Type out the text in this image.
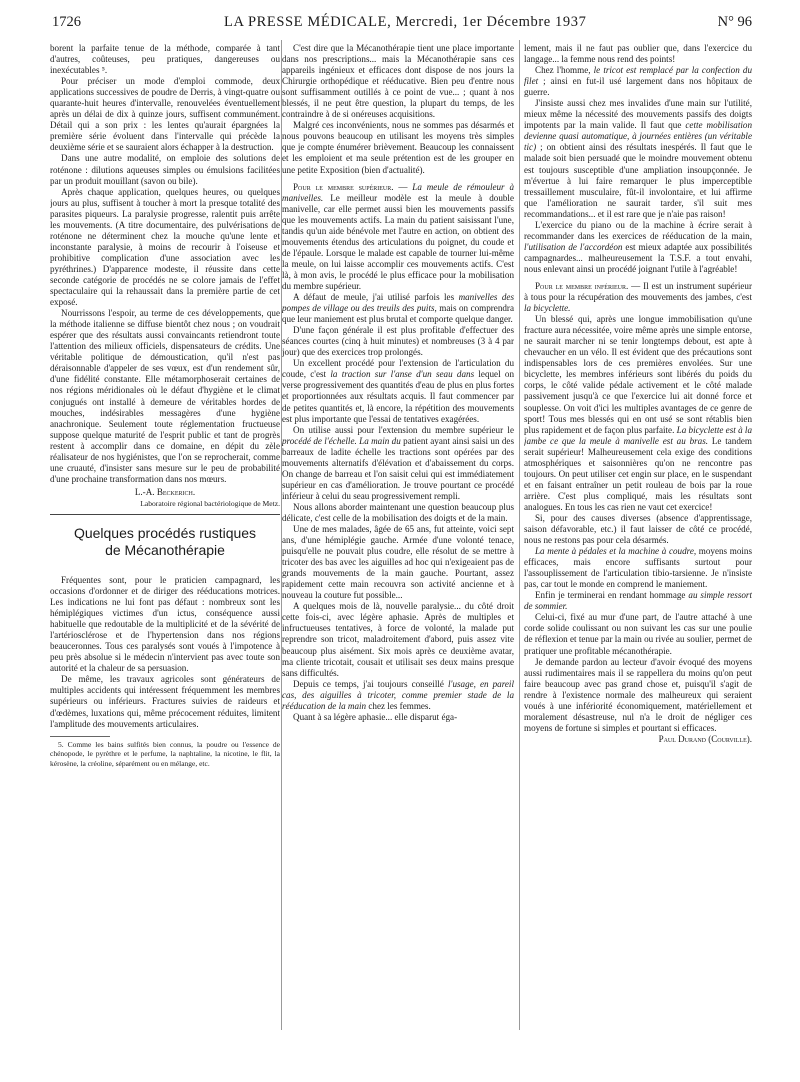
1726	LA PRESSE MÉDICALE, Mercredi, 1er Décembre 1937	N° 96

borent la parfaite tenue de la méthode, comparée à tant d'autres, coûteuses, peu pratiques, dangereuses ou inexécutables ⁵.

Pour préciser un mode d'emploi commode, deux applications successives de poudre de Derris, à vingt-quatre ou quarante-huit heures d'intervalle, renouvelées éventuellement après un délai de dix à quinze jours, suffisent communément. Détail qui a son prix : les lentes qu'aurait épargnées la première série évoluent dans l'intervalle qui précède la deuxième série et se sauraient alors échapper à la destruction.

Dans une autre modalité, on emploie des solutions de roténone : dilutions aqueuses simples ou émulsions facilitées par un produit mouillant (savon ou bile).

Après chaque application, quelques heures, ou quelques jours au plus, suffisent à toucher à mort la presque totalité des parasites piqueurs. La paralysie progresse, ralentit puis arrête les mouvements. (A titre documentaire, des pulvérisations de roténone ne déterminent chez la mouche qu'une lente et inconstante paralysie, à moins de recourir à l'oiseuse et prohibitive complication d'une association avec les pyréthrines.) D'apparence modeste, il réussite dans cette seconde catégorie de procédés ne se colore jamais de l'effet spectaculaire qui la rehaussait dans la première partie de cet exposé.

Nourrissons l'espoir, au terme de ces développements, que la méthode italienne se diffuse bientôt chez nous ; on voudrait espérer que des résultats aussi convaincants retiendront toute l'attention des milieux officiels, dispensateurs de crédits. Une véritable politique de démoustication, qu'il n'est pas déraisonnable d'appeler de ses vœux, est d'un rendement sûr, d'une fidélité constante. Elle métamorphoserait certaines de nos régions méridionales où le défaut d'hygiène et le climat conjugués ont installé à demeure de véritables hordes de mouches, indésirables messagères d'une hygiène anachronique. Seulement toute réglementation fructueuse suppose quelque maturité de l'esprit public et tant de progrès restent à accomplir dans ce domaine, en dépit du zèle réalisateur de nos hygiénistes, que l'on se reprocherait, comme une cruauté, d'insister sans mesure sur le peu de probabilité d'une prochaine transformation dans nos mœurs.

L.-A. Beckerich.

Laboratoire régional bactériologique de Metz.

Quelques procédés rustiques
de Mécanothérapie

Fréquentes sont, pour le praticien campagnard, les occasions d'ordonner et de diriger des rééducations motrices. Les indications ne lui font pas défaut : nombreux sont les hémiplégiques victimes d'un ictus, conséquence aussi habituelle que redoutable de la multiplicité et de la sévérité de l'artériosclérose et de l'hypertension dans nos régions beauceronnes. Tous ces paralysés sont voués à l'impotence à peu près absolue si le médecin n'intervient pas avec toute son autorité et la chaleur de sa persuasion.

De même, les travaux agricoles sont générateurs de multiples accidents qui intéressent fréquemment les membres supérieurs ou inférieurs. Fractures suivies de raideurs et d'œdèmes, luxations qui, même précocement réduites, limitent l'amplitude des mouvements articulaires.

5. Comme les bains sulfités bien connus, la poudre ou l'essence de chénopode, le pyrèthre et le perfume, la naphtaline, la nicotine, le flit, la kérosène, la créoline, séparément ou en mélange, etc.

C'est dire que la Mécanothérapie tient une place importante dans nos prescriptions... mais la Mécanothérapie sans ces appareils ingénieux et efficaces dont dispose de nos jours la Chirurgie orthopédique et rééducative. Bien peu d'entre nous sont suffisamment outillés à ce point de vue... ; quant à nos blessés, il ne peut être question, la plupart du temps, de les contraindre à de si onéreuses acquisitions.

Malgré ces inconvénients, nous ne sommes pas désarmés et nous pouvons beaucoup en utilisant les moyens très simples que je compte énumérer brièvement. Beaucoup les connaissent et les emploient et ma seule prétention est de les grouper en une petite Exposition (bien d'actualité).

Pour le membre supérieur. — La meule de rémouleur à manivelles. Le meilleur modèle est la meule à double manivelle, car elle permet aussi bien les mouvements passifs que les mouvements actifs. La main du patient saisissant l'une, tandis qu'un aide bénévole met l'autre en action, on obtient des mouvements étendus des articulations du poignet, du coude et de l'épaule. Lorsque le malade est capable de tourner lui-même la meule, on lui laisse accomplir ces mouvements actifs. C'est là, à mon avis, le procédé le plus efficace pour la mobilisation du membre supérieur.

A défaut de meule, j'ai utilisé parfois les manivelles des pompes de village ou des treuils des puits, mais on comprendra que leur maniement est plus brutal et comporte quelque danger.

D'une façon générale il est plus profitable d'effectuer des séances courtes (cinq à huit minutes) et nombreuses (3 à 4 par jour) que des exercices trop prolongés.

Un excellent procédé pour l'extension de l'articulation du coude, c'est la traction sur l'anse d'un seau dans lequel on verse progressivement des quantités d'eau de plus en plus fortes et proportionnées aux résultats acquis. Il faut commencer par de petites quantités et, là encore, la répétition des mouvements est plus importante que l'essai de tentatives exagérées.

On utilise aussi pour l'extension du membre supérieur le procédé de l'échelle. La main du patient ayant ainsi saisi un des barreaux de ladite échelle les tractions sont opérées par des mouvements alternatifs d'élévation et d'abaissement du corps. On change de barreau et l'on saisit celui qui est immédiatement supérieur en cas d'amélioration. Je trouve pourtant ce procédé inférieur à celui du seau progressivement rempli.

Nous allons aborder maintenant une question beaucoup plus délicate, c'est celle de la mobilisation des doigts et de la main.

Une de mes malades, âgée de 65 ans, fut atteinte, voici sept ans, d'une hémiplégie gauche. Armée d'une volonté tenace, puisqu'elle ne pouvait plus coudre, elle résolut de se mettre à tricoter des bas avec les aiguilles ad hoc qui n'exigeaient pas de grands mouvements de la main gauche. Pourtant, assez rapidement cette main recouvra son activité ancienne et à nouveau la couture fut possible...

A quelques mois de là, nouvelle paralysie... du côté droit cette fois-ci, avec légère aphasie. Après de multiples et infructueuses tentatives, à force de volonté, la malade put reprendre son tricot, maladroitement d'abord, puis assez vite beaucoup plus aisément. Six mois après ce deuxième avatar, ma cliente tricotait, cousait et utilisait ses deux mains presque sans difficultés.

Depuis ce temps, j'ai toujours conseillé l'usage, en pareil cas, des aiguilles à tricoter, comme premier stade de la rééducation de la main chez les femmes.

Quant à sa légère aphasie... elle disparut éga-

lement, mais il ne faut pas oublier que, dans l'exercice du langage... la femme nous rend des points!

Chez l'homme, le tricot est remplacé par la confection du filet ; ainsi en fut-il usé largement dans nos hôpitaux de guerre.

J'insiste aussi chez mes invalides d'une main sur l'utilité, mieux même la nécessité des mouvements passifs des doigts impotents par la main valide. Il faut que cette mobilisation devienne quasi automatique, à journées entières (un véritable tic) ; on obtient ainsi des résultats inespérés. Il faut que le malade soit bien persuadé que le moindre mouvement obtenu est toujours susceptible d'une ampliation insoupçonnée. Je m'évertue à lui faire remarquer le plus imperceptible tressaillement musculaire, fût-il involontaire, et lui affirme que l'amélioration ne saurait tarder, s'il suit mes recommandations... et il est rare que je n'aie pas raison!

L'exercice du piano ou de la machine à écrire serait à recommander dans les exercices de rééducation de la main, l'utilisation de l'accordéon est mieux adaptée aux possibilités campagnardes... malheureusement la T.S.F. a tout envahi, nous enlevant ainsi un procédé joignant l'utile à l'agréable!

Pour le membre inférieur. — Il est un instrument supérieur à tous pour la récupération des mouvements des jambes, c'est la bicyclette.

Un blessé qui, après une longue immobilisation qu'une fracture aura nécessitée, voire même après une simple entorse, ne saurait marcher ni se tenir longtemps debout, est apte à chevaucher en un vélo. Il est évident que des précautions sont indispensables lors de ces premières envolées. Sur une bicyclette, les membres inférieurs sont libérés du poids du corps, le côté valide pédale activement et le côté malade passivement jusqu'à ce que l'exercice lui ait donné force et souplesse. On voit d'ici les multiples avantages de ce genre de sport! Tous mes blessés qui en ont usé se sont rétablis bien plus rapidement et de façon plus parfaite. La bicyclette est à la jambe ce que la meule à manivelle est au bras. Le tandem serait supérieur! Malheureusement cela exige des conditions atmosphériques et saisonnières qu'on ne rencontre pas toujours. On peut utiliser cet engin sur place, en le suspendant et en faisant entraîner un petit rouleau de bois par la roue arrière. C'est plus compliqué, mais les résultats sont analogues. En tous les cas rien ne vaut cet exercice!

Si, pour des causes diverses (absence d'apprentissage, saison défavorable, etc.) il faut laisser de côté ce procédé, nous ne restons pas pour cela désarmés.

La mente à pédales et la machine à coudre, moyens moins efficaces, mais encore suffisants surtout pour l'assouplissement de l'articulation tibio-tarsienne. Je n'insiste pas, car tout le monde en comprend le maniement.

Enfin je terminerai en rendant hommage au simple ressort de sommier.

Celui-ci, fixé au mur d'une part, de l'autre attaché à une corde solide coulissant ou non suivant les cas sur une poulie de réflexion et tenue par la main ou rivée au soulier, permet de pratiquer une profitable mécanothérapie.

Je demande pardon au lecteur d'avoir évoqué des moyens aussi rudimentaires mais il se rappellera du moins qu'on peut faire beaucoup avec pas grand chose et, puisqu'il s'agit de rendre à l'existence normale des malheureux qui seraient voués à une infériorité économiquement, matériellement et moralement désastreuse, nul n'a le droit de négliger ces moyens de fortune si simples et pourtant si efficaces.

Paul Durand (Courville).
